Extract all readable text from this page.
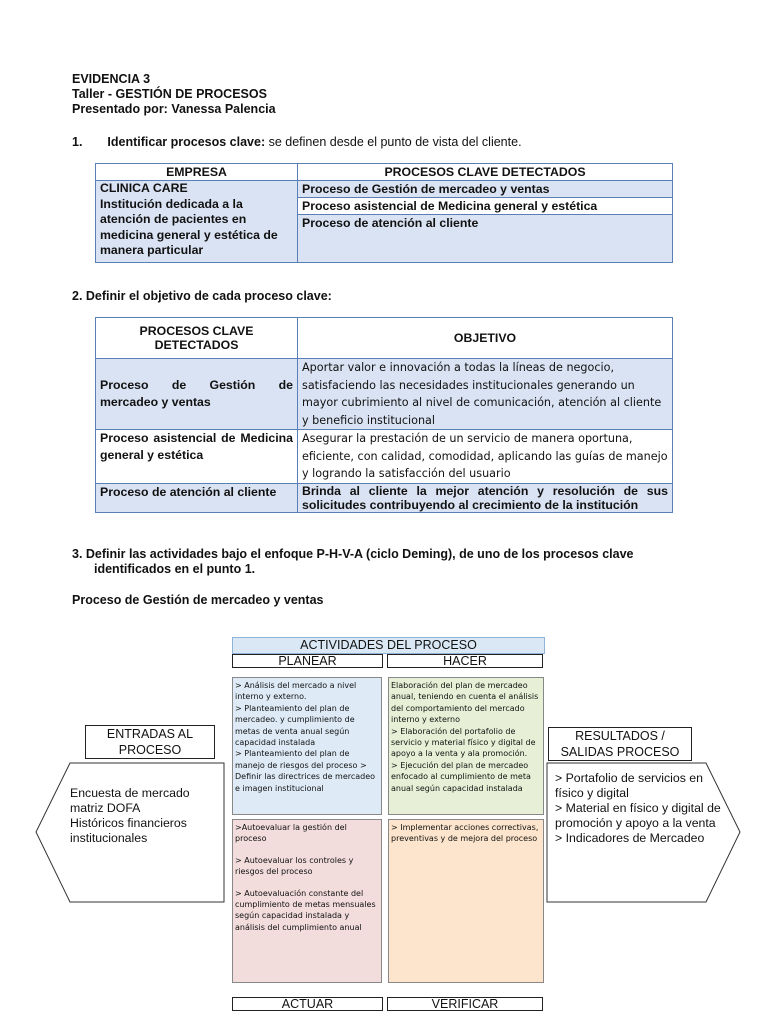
EVIDENCIA 3
Taller - GESTIÓN DE PROCESOS
Presentado por: Vanessa Palencia
1. Identificar procesos clave: se definen desde el punto de vista del cliente.
EMPRESA	PROCESOS CLAVE DETECTADOS

CLINICA CARE
Institución dedicada a la
atención de pacientes en
medicina general y estética de
manera particular	Proceso de Gestión de mercadeo y ventas
	Proceso asistencial de Medicina general y estética
	Proceso de atención al cliente
2. Definir el objetivo de cada proceso clave:
PROCESOS CLAVE DETECTADOS	OBJETIVO
Proceso de Gestión de mercadeo y ventas	Aportar valor e innovación a todas la líneas de negocio, satisfaciendo las necesidades institucionales generando un mayor cubrimiento al nivel de comunicación, atención al cliente y beneficio institucional
Proceso asistencial de Medicina general y estética	Asegurar la prestación de un servicio de manera oportuna, eficiente, con calidad, comodidad, aplicando las guías de manejo y logrando la satisfacción del usuario
Proceso de atención al cliente	Brinda al cliente la mejor atención y resolución de sus solicitudes contribuyendo al crecimiento de la institución
3. Definir las actividades bajo el enfoque P-H-V-A (ciclo Deming), de uno de los procesos clave
identificados en el punto 1.
Proceso de Gestión de mercadeo y ventas
ACTIVIDADES DEL PROCESO
PLANEAR	HACER

> Análisis del mercado a nivel interno y externo.

> Planteamiento del plan de mercadeo. y cumplimiento de metas de venta anual según capacidad instalada

> Planteamiento del plan de manejo de riesgos del proceso > Definir las directrices de mercadeo e imagen institucional

Elaboración del plan de mercadeo anual, teniendo en cuenta el análisis del comportamiento del mercado interno y externo

> Elaboración del portafolio de servicio y material físico y digital de apoyo a la venta y ala promoción.

> Ejecución del plan de mercadeo enfocado al cumplimiento de meta anual según capacidad instalada

>Autoevaluar la gestión del proceso

> Autoevaluar los controles y riesgos del proceso

> Autoevaluación constante del cumplimiento de metas mensuales según capacidad instalada y análisis del cumplimiento anual

> Implementar acciones correctivas, preventivas y de mejora del proceso

ACTUAR	VERIFICAR
ENTRADAS AL PROCESO
Encuesta de mercado
matriz DOFA
Históricos financieros
institucionales
RESULTADOS / SALIDAS PROCESO
> Portafolio de servicios en
físico y digital
> Material en físico y digital de
promoción y apoyo a la venta
> Indicadores de Mercadeo
